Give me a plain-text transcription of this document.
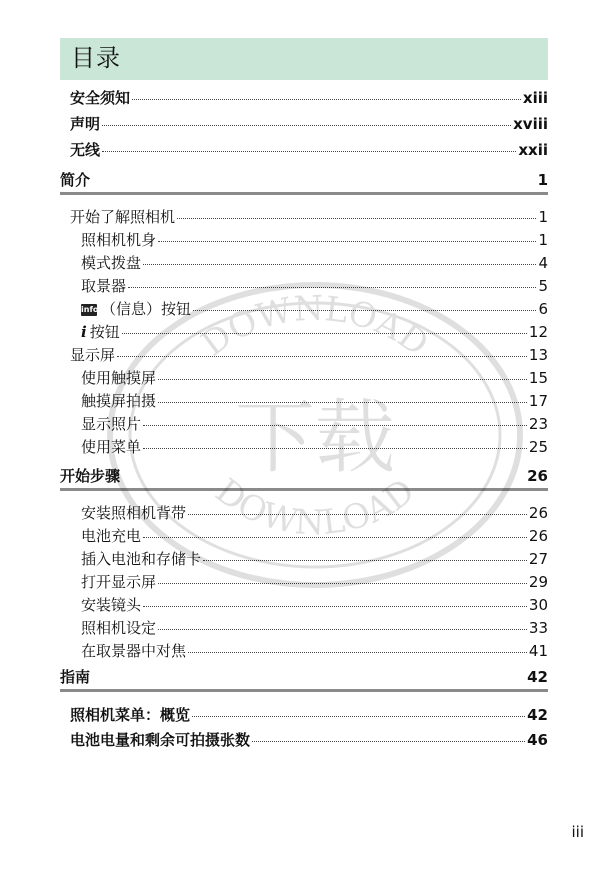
目录
安全须知	xiii
声明	xviii
无线	xxii
简介	1
开始了解照相机	1
照相机机身	1
模式拨盘	4
取景器	5
info （信息）按钮	6
i 按钮	12
显示屏	13
使用触摸屏	15
触摸屏拍摄	17
显示照片	23
使用菜单	25
开始步骤	26
安装照相机背带	26
电池充电	26
插入电池和存储卡	27
打开显示屏	29
安装镜头	30
照相机设定	33
在取景器中对焦	41
指南	42
照相机菜单：概览	42
电池电量和剩余可拍摄张数	46
DOWNLOAD
DOWNLOAD
下载
iii
